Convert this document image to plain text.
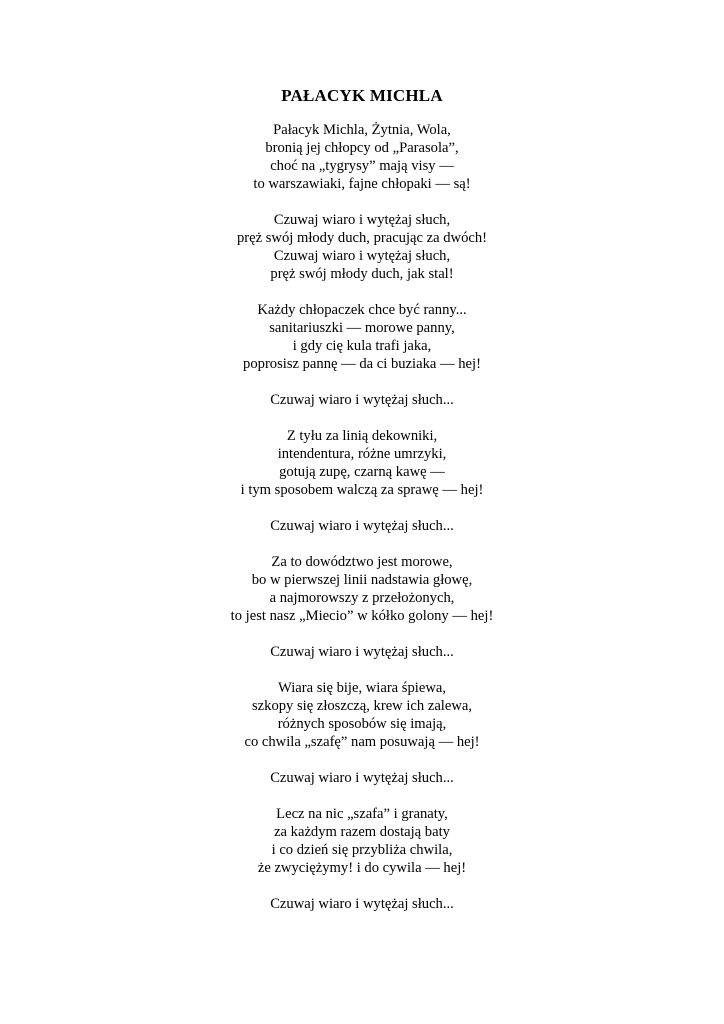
PAŁACYK MICHLA
Pałacyk Michla, Żytnia, Wola,
bronią jej chłopcy od „Parasola”,
choć na „tygrysy” mają visy —
to warszawiaki, fajne chłopaki — są!
Czuwaj wiaro i wytężaj słuch,
pręż swój młody duch, pracując za dwóch!
Czuwaj wiaro i wytężaj słuch,
pręż swój młody duch, jak stal!
Każdy chłopaczek chce być ranny...
sanitariuszki — morowe panny,
i gdy cię kula trafi jaka,
poprosisz pannę — da ci buziaka — hej!
Czuwaj wiaro i wytężaj słuch...
Z tyłu za linią dekowniki,
intendentura, różne umrzyki,
gotują zupę, czarną kawę —
i tym sposobem walczą za sprawę — hej!
Czuwaj wiaro i wytężaj słuch...
Za to dowództwo jest morowe,
bo w pierwszej linii nadstawia głowę,
a najmorowszy z przełożonych,
to jest nasz „Miecio” w kółko golony — hej!
Czuwaj wiaro i wytężaj słuch...
Wiara się bije, wiara śpiewa,
szkopy się złoszczą, krew ich zalewa,
różnych sposobów się imają,
co chwila „szafę” nam posuwają — hej!
Czuwaj wiaro i wytężaj słuch...
Lecz na nic „szafa” i granaty,
za każdym razem dostają baty
i co dzień się przybliża chwila,
że zwyciężymy! i do cywila — hej!
Czuwaj wiaro i wytężaj słuch...
